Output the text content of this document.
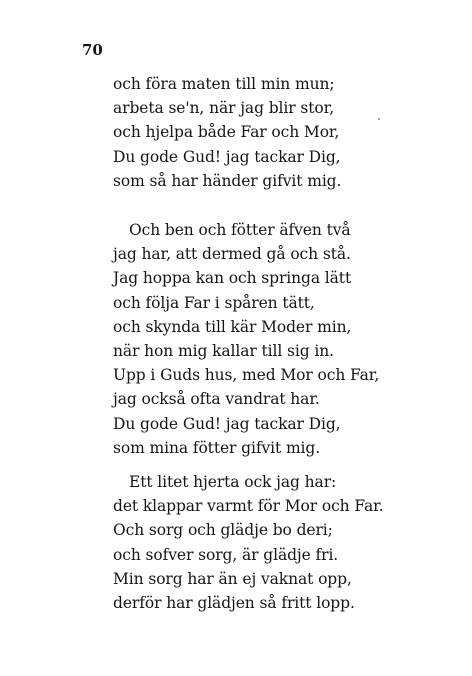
70
och föra maten till min mun;
arbeta se'n, när jag blir stor,
och hjelpa både Far och Mor,
Du gode Gud! jag tackar Dig,
som så har händer gifvit mig.
Och ben och fötter äfven två
jag har, att dermed gå och stå.
Jag hoppa kan och springa lätt
och följa Far i spåren tätt,
och skynda till kär Moder min,
när hon mig kallar till sig in.
Upp i Guds hus, med Mor och Far,
jag också ofta vandrat har.
Du gode Gud! jag tackar Dig,
som mina fötter gifvit mig.
Ett litet hjerta ock jag har:
det klappar varmt för Mor och Far.
Och sorg och glädje bo deri;
och sofver sorg, är glädje fri.
Min sorg har än ej vaknat opp,
derför har glädjen så fritt lopp.
